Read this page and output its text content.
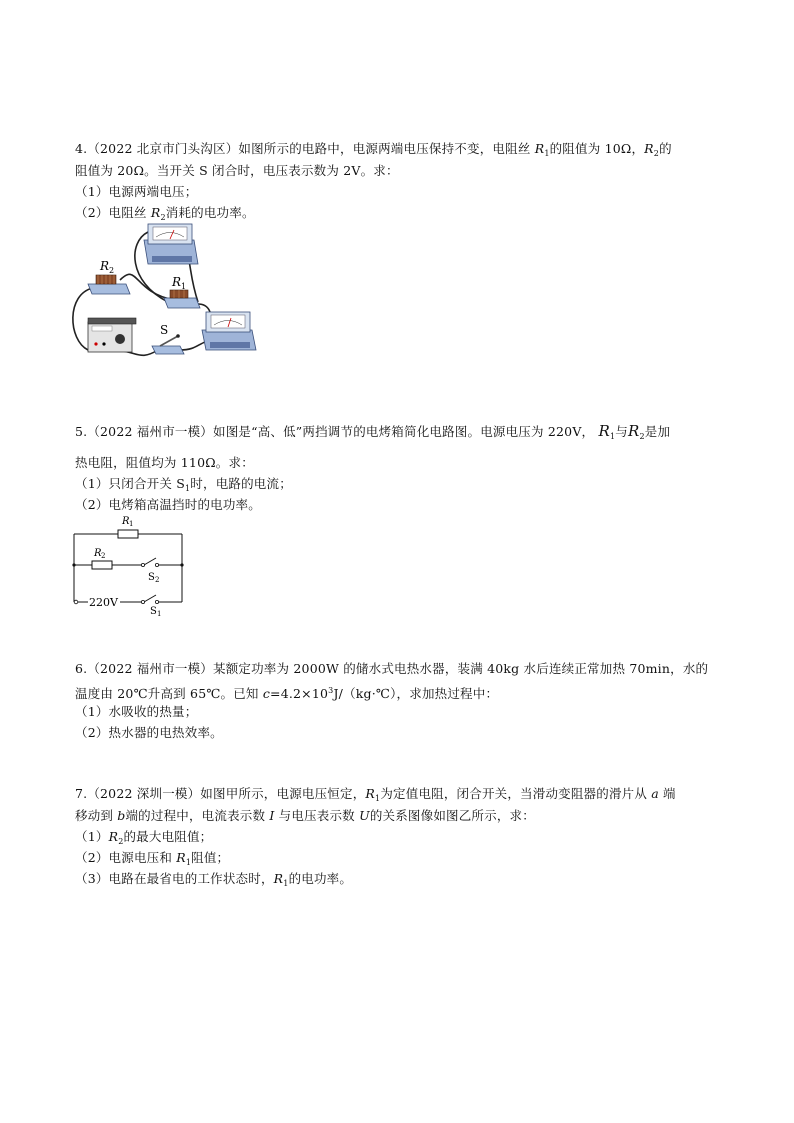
4.（2022 北京市门头沟区）如图所示的电路中，电源两端电压保持不变，电阻丝 $R_1$的阻值为 10Ω，$R_2$的
阻值为 20Ω。当开关 S 闭合时，电压表示数为 2V。求：
（1）电源两端电压；
（2）电阻丝 $R_2$消耗的电功率。
R 2
R 1
S
5.（2022 福州市一模）如图是“高、低”两挡调节的电烤箱简化电路图。电源电压为 220V， $R_1$与$R_2$是加
热电阻，阻值均为 110Ω。求：
（1）只闭合开关 $S_1$时，电路的电流；
（2）电烤箱高温挡时的电功率。
R 1
R 2
S 2
220V
S 1
6.（2022 福州市一模）某额定功率为 2000W 的储水式电热水器，装满 40kg 水后连续正常加热 70min，水的
温度由 20℃升高到 65℃。已知 $c=4.2\times 10^3J/(kg\cdot℃)$，求加热过程中：
（1）水吸收的热量；
（2）热水器的电热效率。
7.（2022 深圳一模）如图甲所示，电源电压恒定，$R_1$为定值电阻，闭合开关，当滑动变阻器的滑片从 a 端
移动到 b端的过程中，电流表示数 I 与电压表示数 U的关系图像如图乙所示，求：
$(1)R_2$的最大电阻值；
（2）电源电压和 $R_1$阻值；
（3）电路在最省电的工作状态时，$R_1$的电功率。
